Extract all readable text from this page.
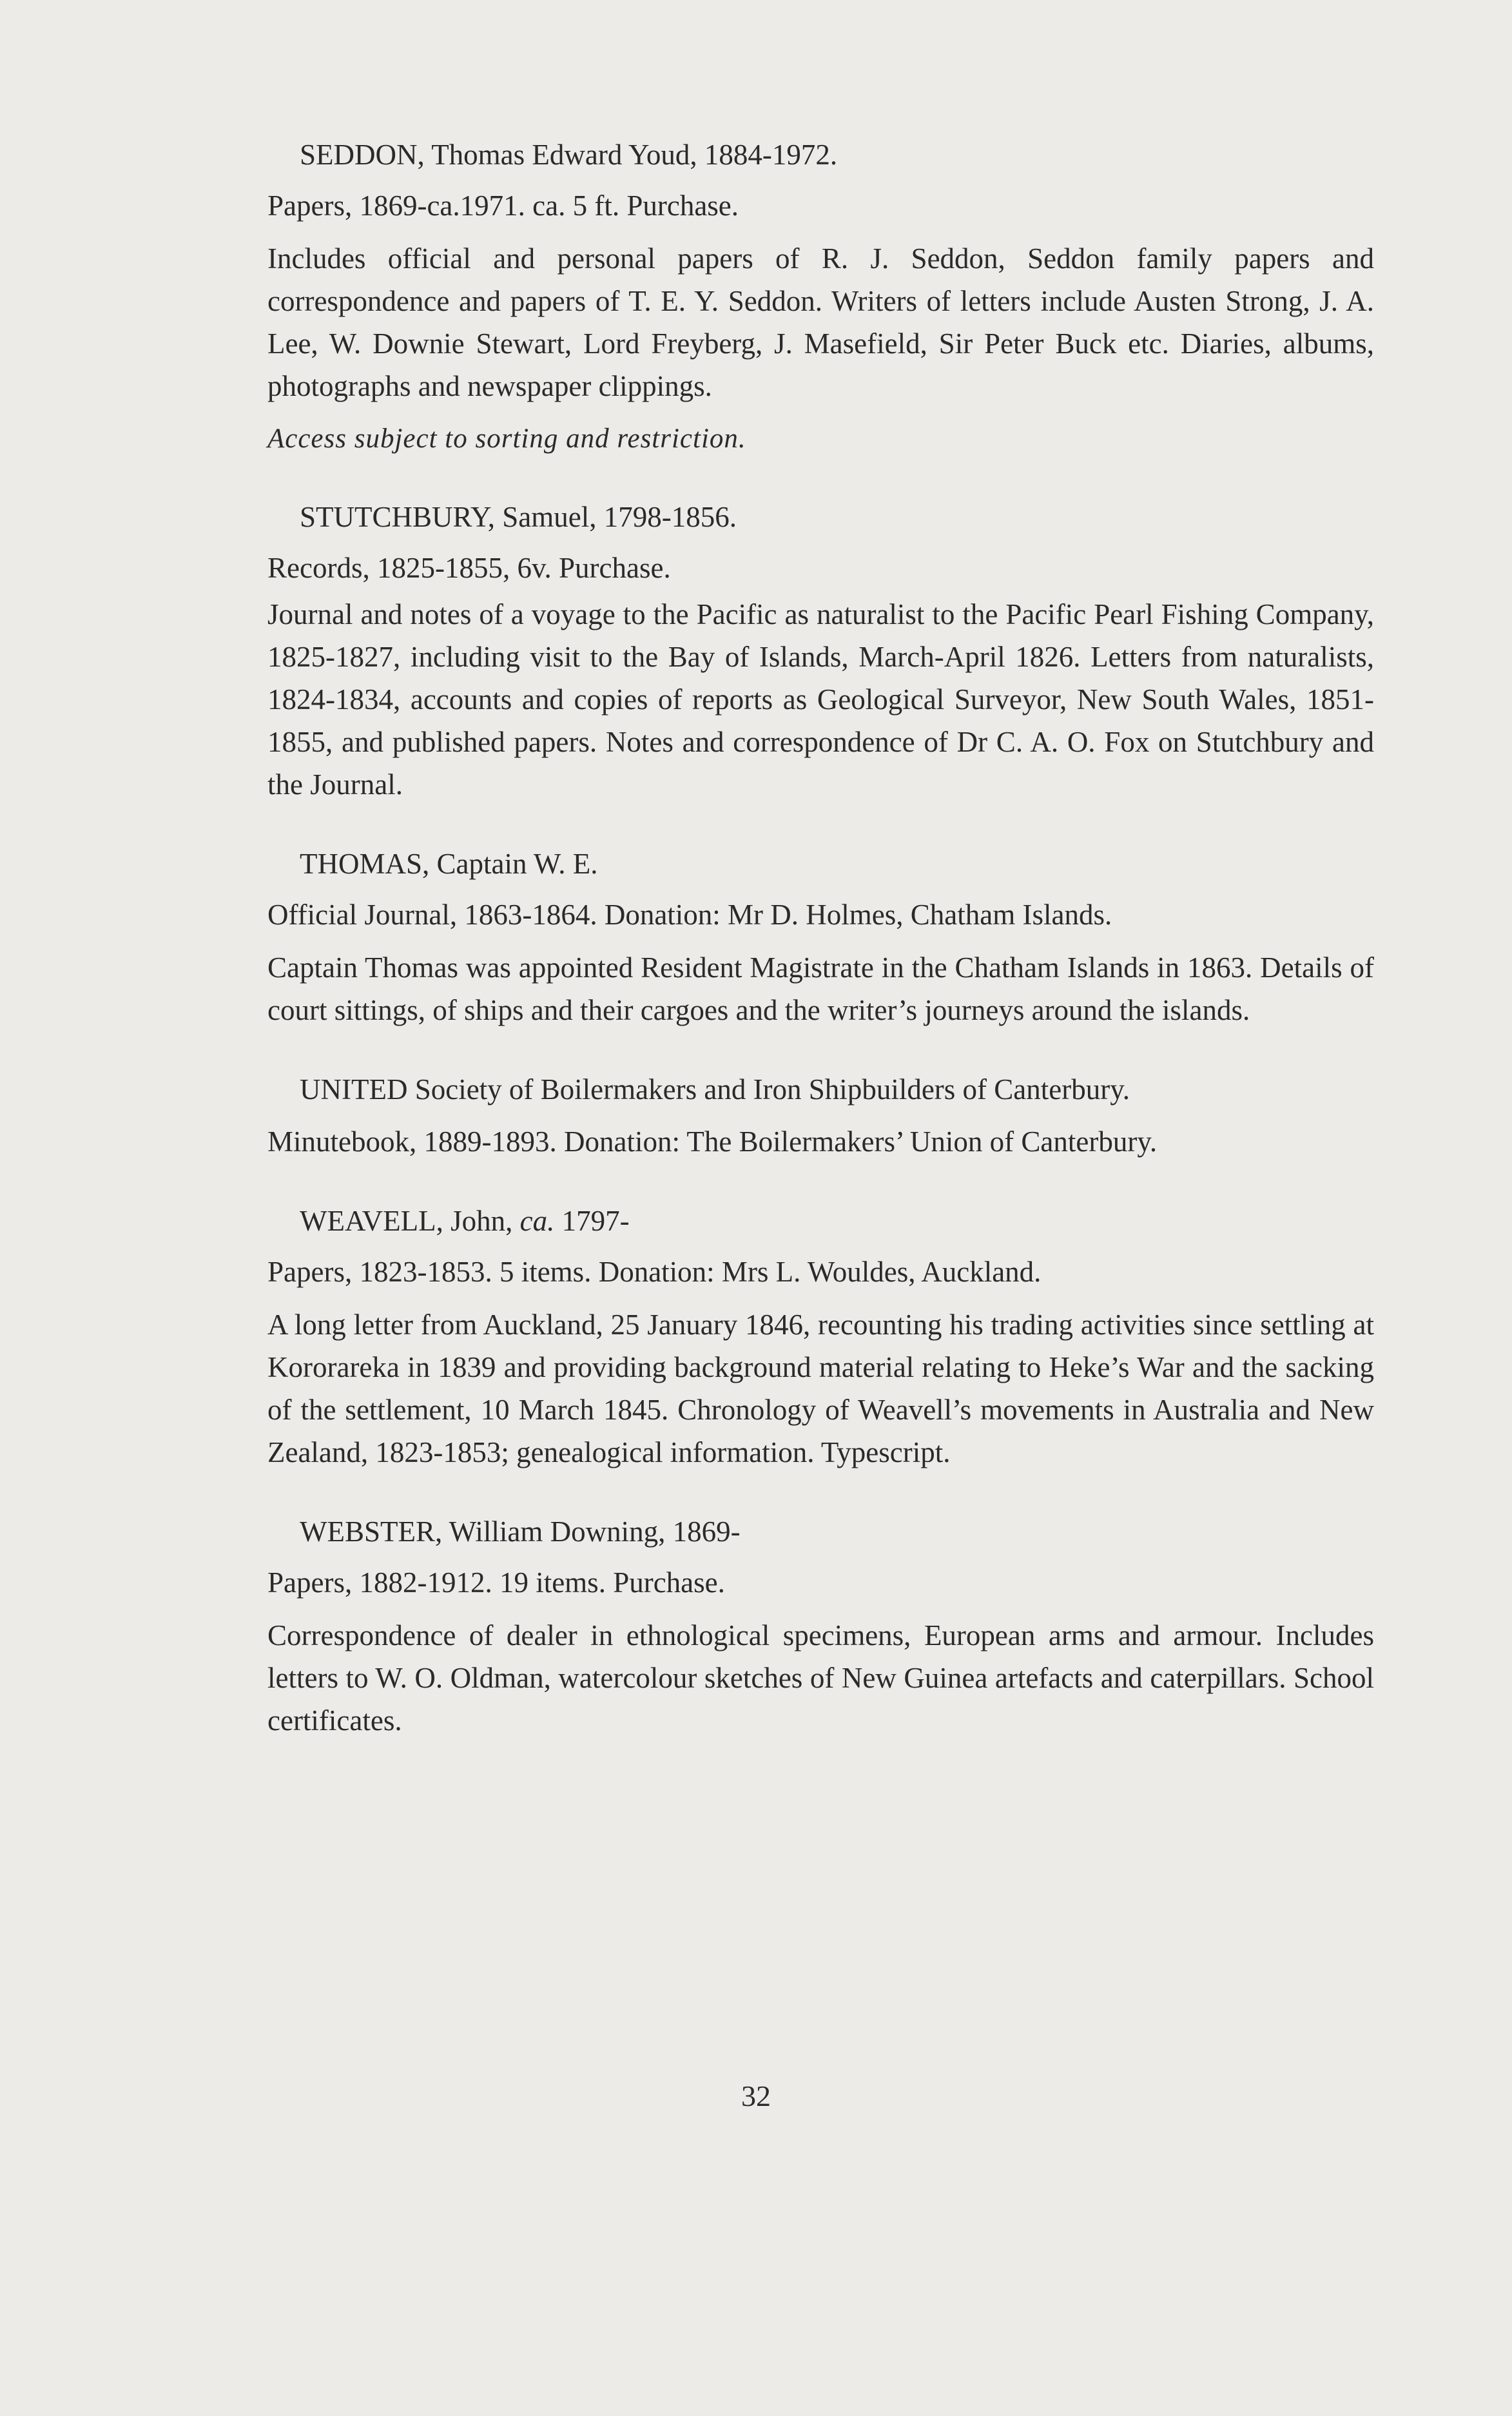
SEDDON, Thomas Edward Youd, 1884-1972.
Papers, 1869-ca.1971. ca. 5 ft. Purchase.
Includes official and personal papers of R. J. Seddon, Seddon family papers and correspondence and papers of T. E. Y. Seddon. Writers of letters include Austen Strong, J. A. Lee, W. Downie Stewart, Lord Freyberg, J. Masefield, Sir Peter Buck etc. Diaries, albums, photographs and newspaper clippings.
Access subject to sorting and restriction.
STUTCHBURY, Samuel, 1798-1856.
Records, 1825-1855, 6v. Purchase.
Journal and notes of a voyage to the Pacific as naturalist to the Pacific Pearl Fishing Company, 1825-1827, including visit to the Bay of Islands, March-April 1826. Letters from naturalists, 1824-1834, accounts and copies of reports as Geological Surveyor, New South Wales, 1851-1855, and published papers. Notes and correspondence of Dr C. A. O. Fox on Stutchbury and the Journal.
THOMAS, Captain W. E.
Official Journal, 1863-1864. Donation: Mr D. Holmes, Chatham Islands.
Captain Thomas was appointed Resident Magistrate in the Chatham Islands in 1863. Details of court sittings, of ships and their cargoes and the writer’s journeys around the islands.
UNITED Society of Boilermakers and Iron Shipbuilders of Canterbury.
Minutebook, 1889-1893. Donation: The Boilermakers’ Union of Canterbury.
WEAVELL, John, ca. 1797-
Papers, 1823-1853. 5 items. Donation: Mrs L. Wouldes, Auckland.
A long letter from Auckland, 25 January 1846, recounting his trading activities since settling at Kororareka in 1839 and providing background material relating to Heke’s War and the sacking of the settlement, 10 March 1845. Chronology of Weavell’s movements in Australia and New Zealand, 1823-1853; genealogical information. Typescript.
WEBSTER, William Downing, 1869-
Papers, 1882-1912. 19 items. Purchase.
Correspondence of dealer in ethnological specimens, European arms and armour. Includes letters to W. O. Oldman, watercolour sketches of New Guinea artefacts and caterpillars. School certificates.
32
